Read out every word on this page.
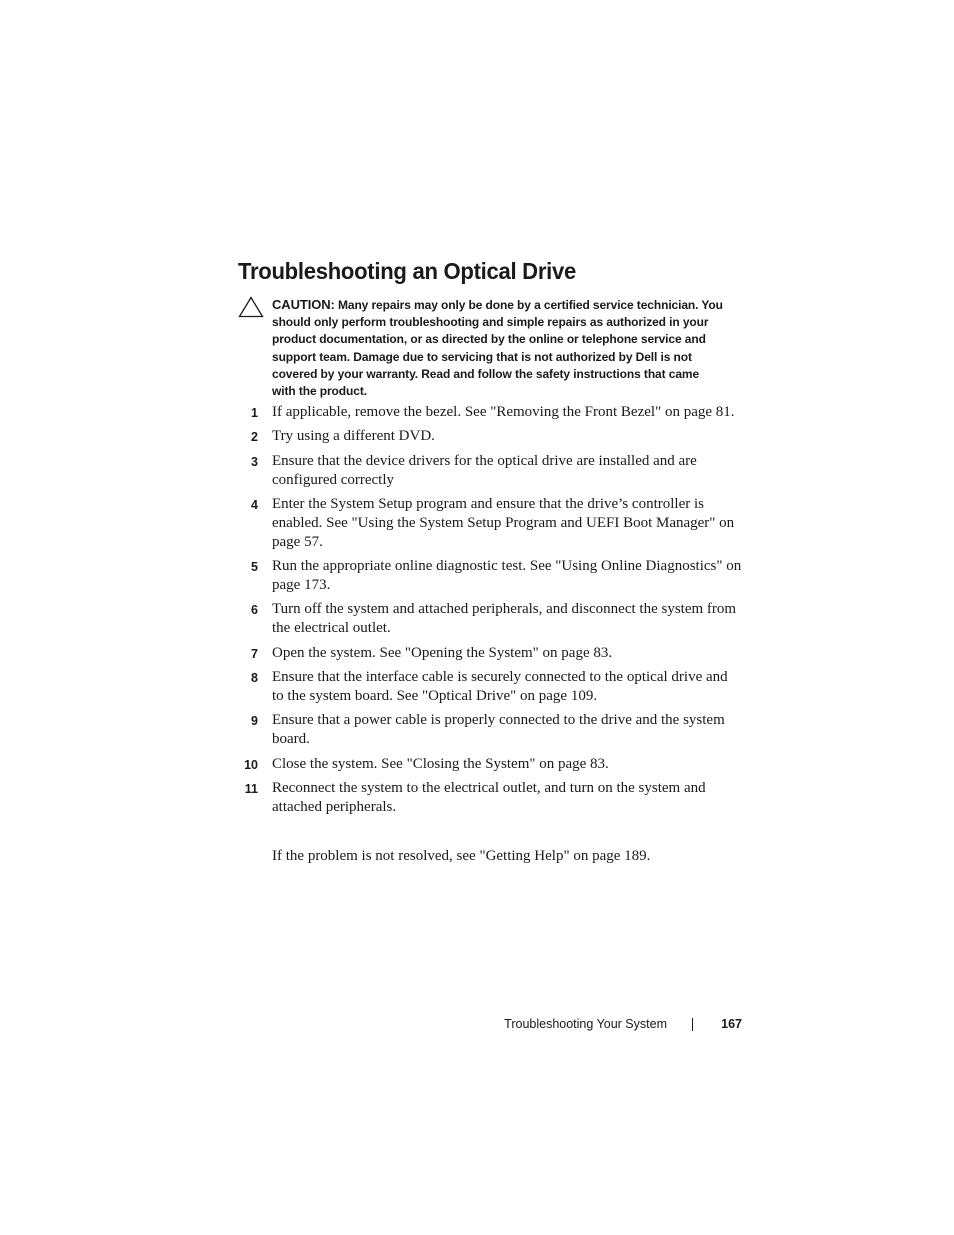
Troubleshooting an Optical Drive

CAUTION: Many repairs may only be done by a certified service technician. You should only perform troubleshooting and simple repairs as authorized in your product documentation, or as directed by the online or telephone service and support team. Damage due to servicing that is not authorized by Dell is not covered by your warranty. Read and follow the safety instructions that came with the product.

1 If applicable, remove the bezel. See "Removing the Front Bezel" on page 81.
2 Try using a different DVD.
3 Ensure that the device drivers for the optical drive are installed and are configured correctly
4 Enter the System Setup program and ensure that the drive’s controller is enabled. See "Using the System Setup Program and UEFI Boot Manager" on page 57.
5 Run the appropriate online diagnostic test. See "Using Online Diagnostics" on page 173.
6 Turn off the system and attached peripherals, and disconnect the system from the electrical outlet.
7 Open the system. See "Opening the System" on page 83.
8 Ensure that the interface cable is securely connected to the optical drive and to the system board. See "Optical Drive" on page 109.
9 Ensure that a power cable is properly connected to the drive and the system board.
10 Close the system. See "Closing the System" on page 83.
11 Reconnect the system to the electrical outlet, and turn on the system and attached peripherals.

If the problem is not resolved, see "Getting Help" on page 189.

Troubleshooting Your System	167
